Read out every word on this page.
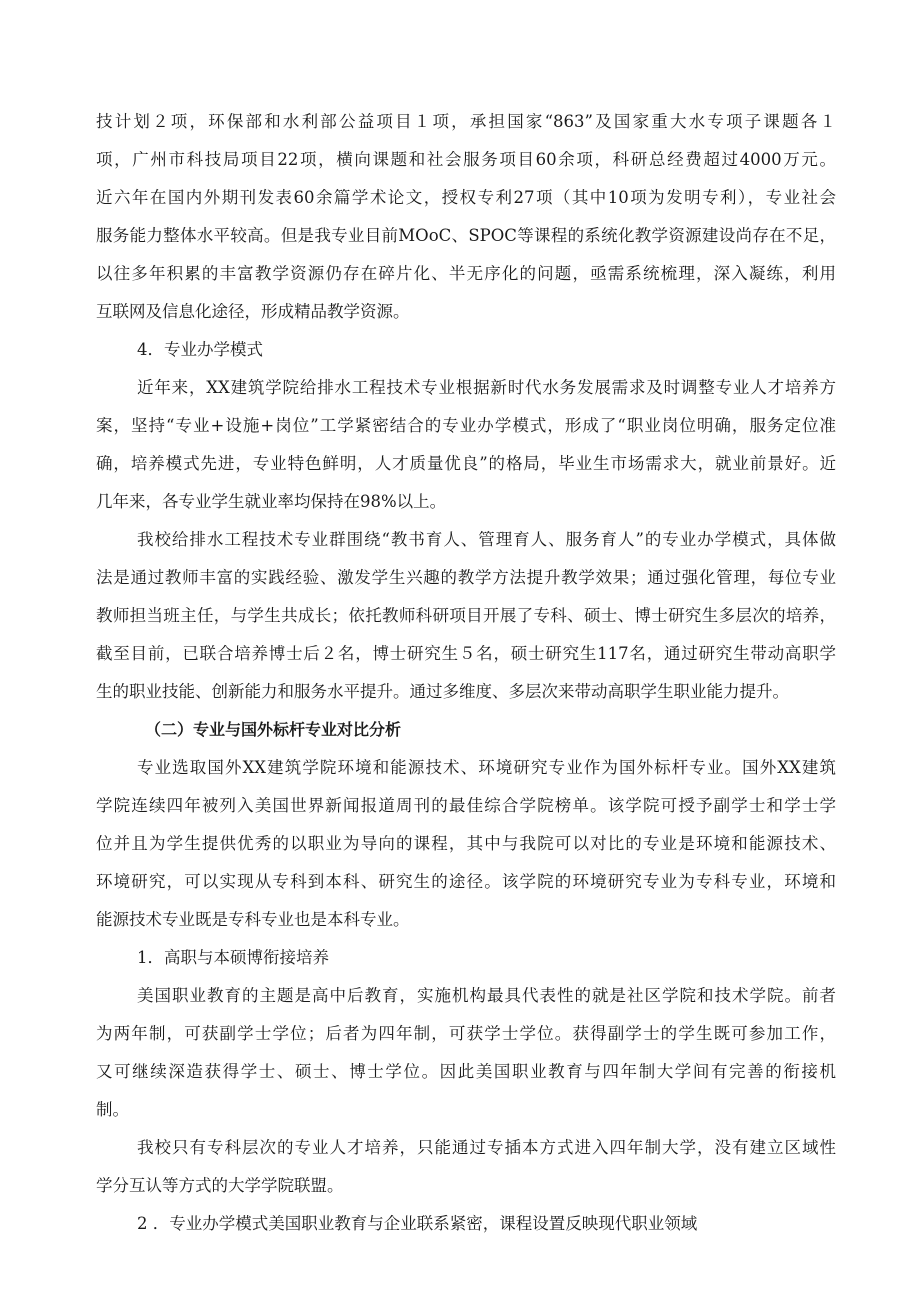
技计划２项，环保部和水利部公益项目１项，承担国家“863”及国家重大水专项子课题各１
项，广州市科技局项目22项，横向课题和社会服务项目60余项，科研总经费超过4000万元。
近六年在国内外期刊发表60余篇学术论文，授权专利27项（其中10项为发明专利），专业社会
服务能力整体水平较高。但是我专业目前MOoC、SPOC等课程的系统化教学资源建设尚存在不足，
以往多年积累的丰富教学资源仍存在碎片化、半无序化的问题，亟需系统梳理，深入凝练，利用
互联网及信息化途径，形成精品教学资源。
4．专业办学模式
近年来，XX建筑学院给排水工程技术专业根据新时代水务发展需求及时调整专业人才培养方
案，坚持“专业+设施+岗位”工学紧密结合的专业办学模式，形成了“职业岗位明确，服务定位准
确，培养模式先进，专业特色鲜明，人才质量优良”的格局，毕业生市场需求大，就业前景好。近
几年来，各专业学生就业率均保持在98%以上。
我校给排水工程技术专业群围绕“教书育人、管理育人、服务育人”的专业办学模式，具体做
法是通过教师丰富的实践经验、激发学生兴趣的教学方法提升教学效果；通过强化管理，每位专业
教师担当班主任，与学生共成长；依托教师科研项目开展了专科、硕士、博士研究生多层次的培养，
截至目前，已联合培养博士后２名，博士研究生５名，硕士研究生117名，通过研究生带动高职学
生的职业技能、创新能力和服务水平提升。通过多维度、多层次来带动高职学生职业能力提升。
（二）专业与国外标杆专业对比分析
专业选取国外XX建筑学院环境和能源技术、环境研究专业作为国外标杆专业。国外XX建筑
学院连续四年被列入美国世界新闻报道周刊的最佳综合学院榜单。该学院可授予副学士和学士学
位并且为学生提供优秀的以职业为导向的课程，其中与我院可以对比的专业是环境和能源技术、
环境研究，可以实现从专科到本科、研究生的途径。该学院的环境研究专业为专科专业，环境和
能源技术专业既是专科专业也是本科专业。
1．高职与本硕博衔接培养
美国职业教育的主题是高中后教育，实施机构最具代表性的就是社区学院和技术学院。前者
为两年制，可获副学士学位；后者为四年制，可获学士学位。获得副学士的学生既可参加工作，
又可继续深造获得学士、硕士、博士学位。因此美国职业教育与四年制大学间有完善的衔接机
制。
我校只有专科层次的专业人才培养，只能通过专插本方式进入四年制大学，没有建立区域性
学分互认等方式的大学学院联盟。
2 ．专业办学模式美国职业教育与企业联系紧密，课程设置反映现代职业领域
